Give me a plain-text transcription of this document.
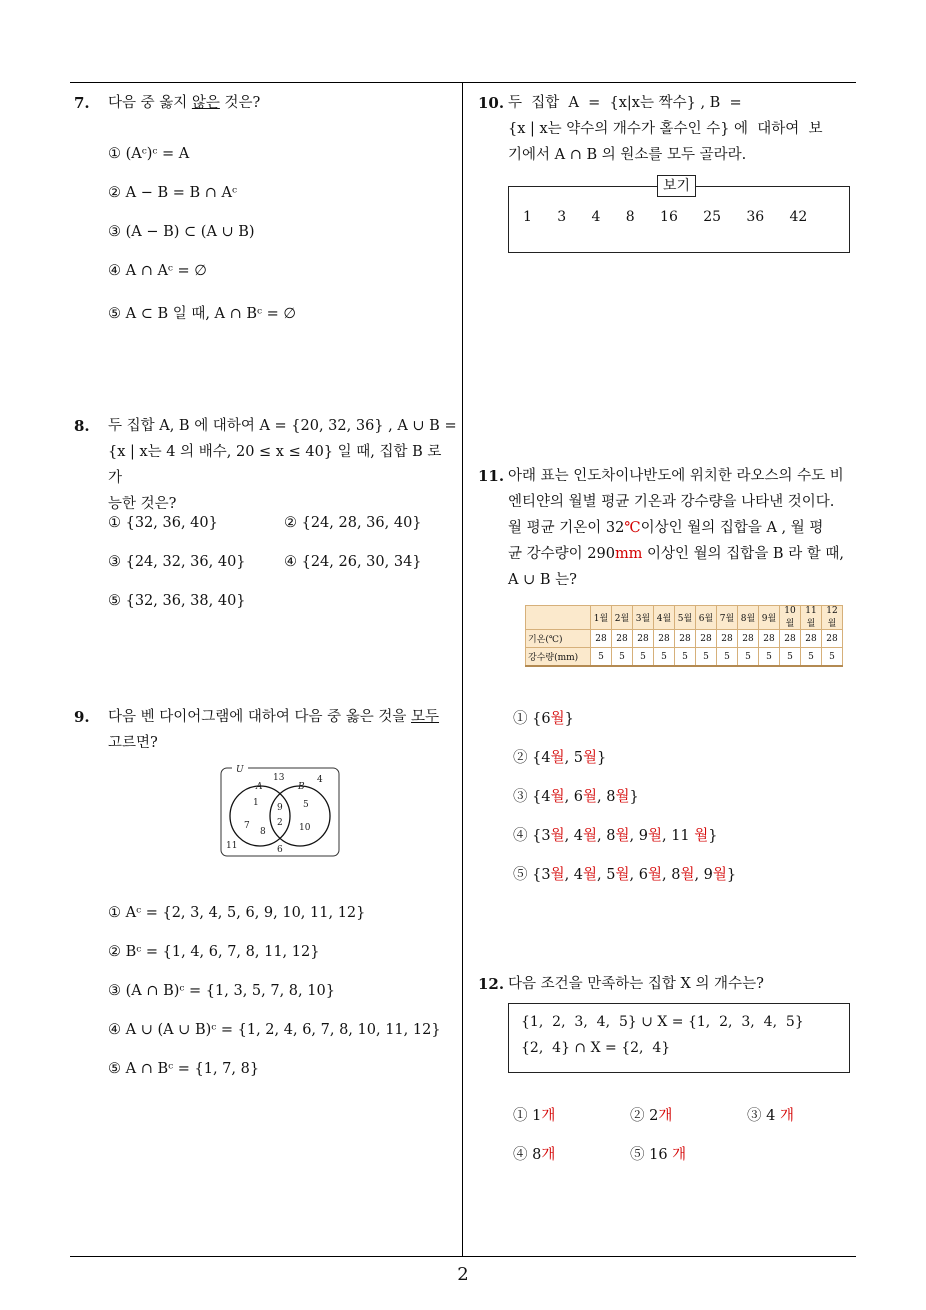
2
7. 다음 중 옳지 않은 것은?
① (Aᶜ)ᶜ = A
② A − B = B ∩ Aᶜ
③ (A − B) ⊂ (A ∪ B)
④ A ∩ Aᶜ = ∅
⑤ A ⊂ B 일 때, A ∩ Bᶜ = ∅
8. 두 집합 A, B 에 대하여 A = {20, 32, 36} , A ∪ B =
{x | x는 4 의 배수, 20 ≤ x ≤ 40} 일 때, 집합 B 로 가
능한 것은?
① {32, 36, 40}	② {24, 28, 36, 40}
③ {24, 32, 36, 40}	④ {24, 26, 30, 34}
⑤ {32, 36, 38, 40}
9. 다음 벤 다이어그램에 대하여 다음 중 옳은 것을 모두
고르면?
U
A	B
13	4
1 9 5
7	2 10
8
11	6
① Aᶜ = {2, 3, 4, 5, 6, 9, 10, 11, 12}
② Bᶜ = {1, 4, 6, 7, 8, 11, 12}
③ (A ∩ B)ᶜ = {1, 3, 5, 7, 8, 10}
④ A ∪ (A ∪ B)ᶜ = {1, 2, 4, 6, 7, 8, 10, 11, 12}
⑤ A ∩ Bᶜ = {1, 7, 8}
10. 두  집합  A  =  {x|x는 짝수} , B  =
{x | x는 약수의 개수가 홀수인 수} 에  대하여  보
기에서 A ∩ B 의 원소를 모두 골라라.
보기
1   3   4   8   16   25   36   42
11. 아래 표는 인도차이나반도에 위치한 라오스의 수도 비
엔티얀의 월별 평균 기온과 강수량을 나타낸 것이다.
월 평균 기온이 32℃이상인 월의 집합을 A , 월 평
균 강수량이 290mm 이상인 월의 집합을 B 라 할 때,
A ∪ B 는?
	1월	2월	3월	4월	5월	6월	7월	8월	9월	10월	11월	12월
기온(℃)	28	28	28	28	28	28	28	28	28	28	28	28
강수량(mm)	5	5	5	5	5	5	5	5	5	5	5	5
① {6월}
② {4월, 5월}
③ {4월, 6월, 8월}
④ {3월, 4월, 8월, 9월, 11 월}
⑤ {3월, 4월, 5월, 6월, 8월, 9월}
12. 다음 조건을 만족하는 집합 X 의 개수는?
{1,  2,  3,  4,  5} ∪ X = {1,  2,  3,  4,  5}
{2,  4} ∩ X = {2,  4}
① 1개	② 2개	③ 4 개
④ 8개	⑤ 16 개
